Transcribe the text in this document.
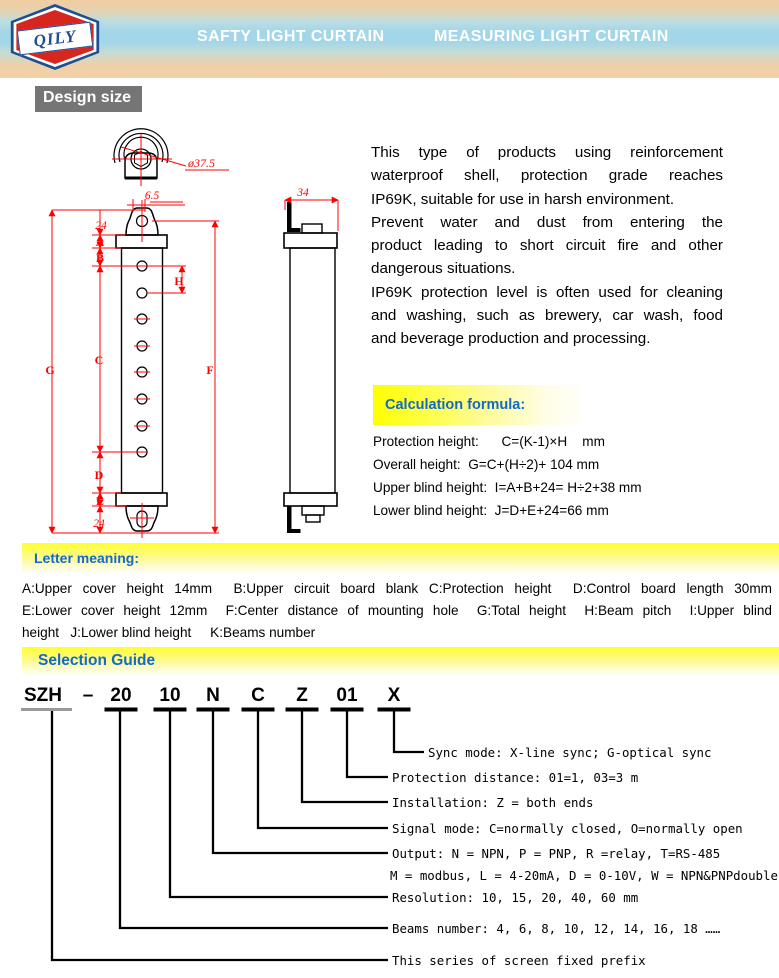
SAFTY LIGHT CURTAIN	MEASURING LIGHT CURTAIN
QILY
Design size
ø37.5
6.5
24
A
B
C
D
E
24
G	F
H
34
This type of products using reinforcement
waterproof shell, protection grade reaches
IP69K, suitable for use in harsh environment.
Prevent water and dust from entering the
product leading to short circuit fire and other
dangerous situations.
IP69K protection level is often used for cleaning
and washing, such as brewery, car wash, food
and beverage production and processing.
Calculation formula:
Protection height:      C=(K-1)×H    mm
Overall height:  G=C+(H÷2)+ 104 mm
Upper blind height:  I=A+B+24= H÷2+38 mm
Lower blind height:  J=D+E+24=66 mm
Letter meaning:
A:Upper cover height 14mm  B:Upper circuit board blank C:Protection height  D:Control board length 30mm
E:Lower cover height 12mm  F:Center distance of mounting hole  G:Total height  H:Beam pitch  I:Upper blind
height   J:Lower blind height     K:Beams number
Selection Guide
SZH – 20 10 N C Z 01 X
Sync mode: X-line sync; G-optical sync
Protection distance: 01=1, 03=3 m
Installation: Z = both ends
Signal mode: C=normally closed, O=normally open
Output: N = NPN, P = PNP, R =relay, T=RS-485
M = modbus, L = 4-20mA, D = 0-10V, W = NPN&PNPdouble
Resolution: 10, 15, 20, 40, 60 mm
Beams number: 4, 6, 8, 10, 12, 14, 16, 18 ……
This series of screen fixed prefix
